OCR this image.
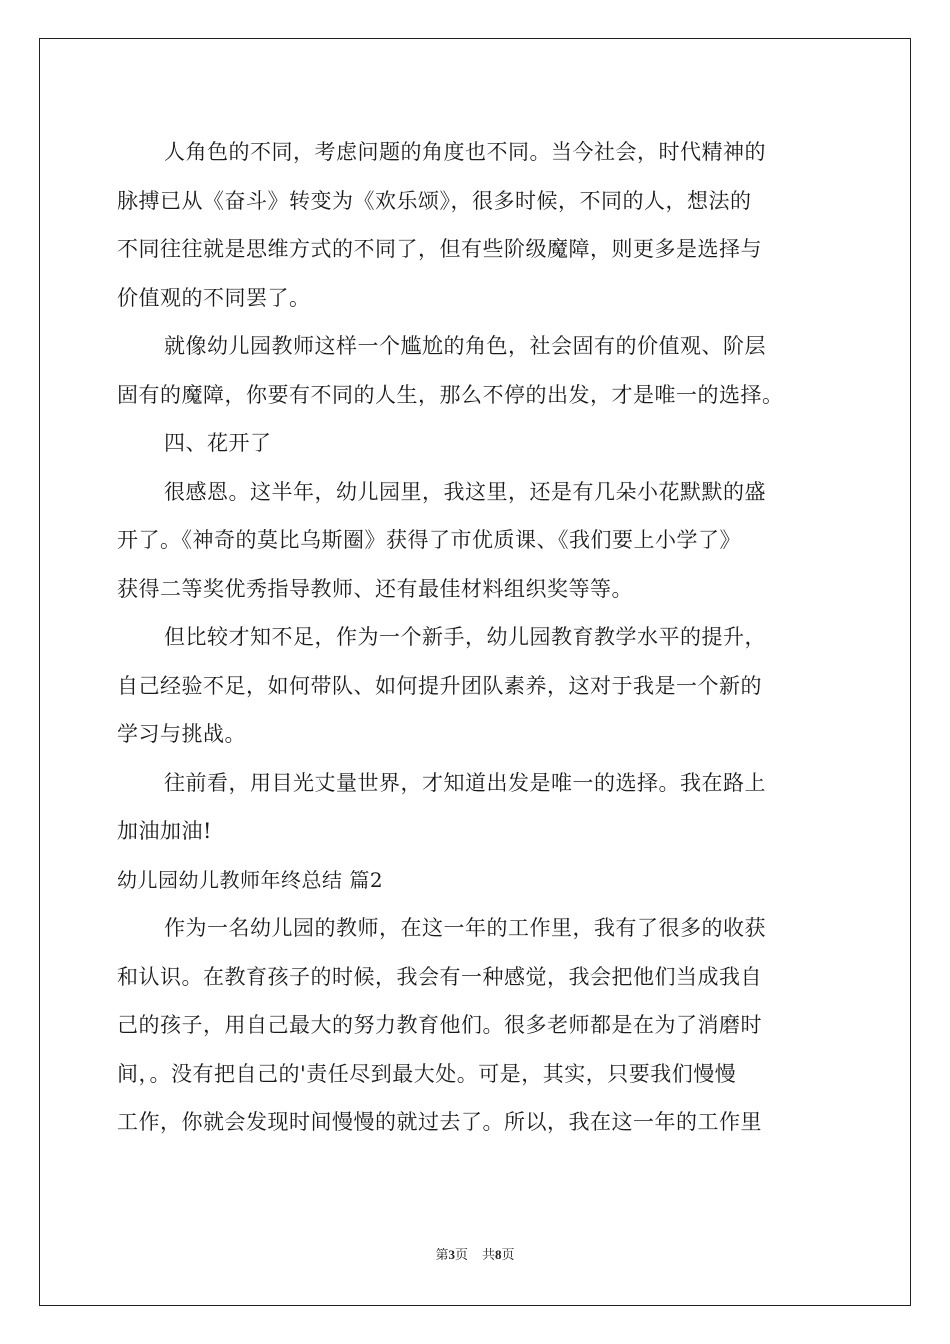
人角色的不同，考虑问题的角度也不同。当今社会，时代精神的
脉搏已从《奋斗》转变为《欢乐颂》，很多时候，不同的人，想法的
不同往往就是思维方式的不同了，但有些阶级魔障，则更多是选择与
价值观的不同罢了。
就像幼儿园教师这样一个尴尬的角色，社会固有的价值观、阶层
固有的魔障，你要有不同的人生，那么不停的出发，才是唯一的选择。
四、花开了
很感恩。这半年，幼儿园里，我这里，还是有几朵小花默默的盛
开了。《神奇的莫比乌斯圈》获得了市优质课、《我们要上小学了》
获得二等奖优秀指导教师、还有最佳材料组织奖等等。
但比较才知不足，作为一个新手，幼儿园教育教学水平的提升，
自己经验不足，如何带队、如何提升团队素养，这对于我是一个新的
学习与挑战。
往前看，用目光丈量世界，才知道出发是唯一的选择。我在路上
加油加油!
幼儿园幼儿教师年终总结 篇2
作为一名幼儿园的教师，在这一年的工作里，我有了很多的收获
和认识。在教育孩子的时候，我会有一种感觉，我会把他们当成我自
己的孩子，用自己最大的努力教育他们。很多老师都是在为了消磨时
间，。没有把自己的'责任尽到最大处。可是，其实，只要我们慢慢
工作，你就会发现时间慢慢的就过去了。所以，我在这一年的工作里
第3页 共8页
